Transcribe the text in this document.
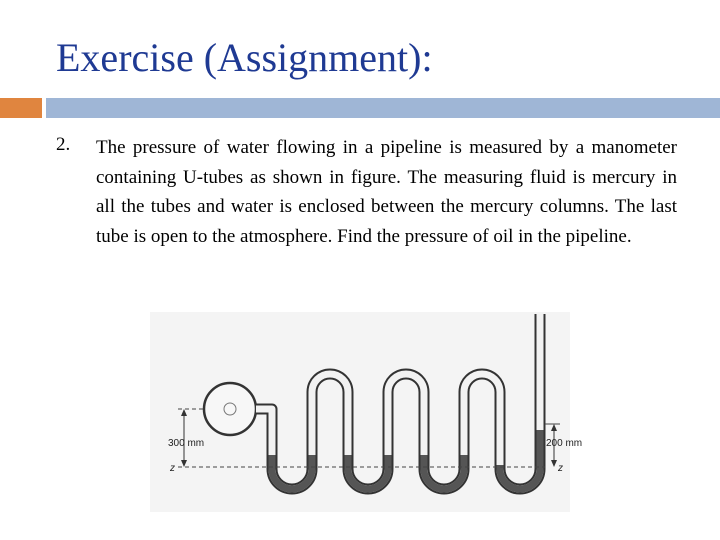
Exercise (Assignment):
2. The pressure of water flowing in a pipeline is measured by a manometer containing U-tubes as shown in figure. The measuring fluid is mercury in all the tubes and water is enclosed between the mercury columns. The last tube is open to the atmosphere. Find the pressure of oil in the pipeline.

300 mm
z
200 mm
z
